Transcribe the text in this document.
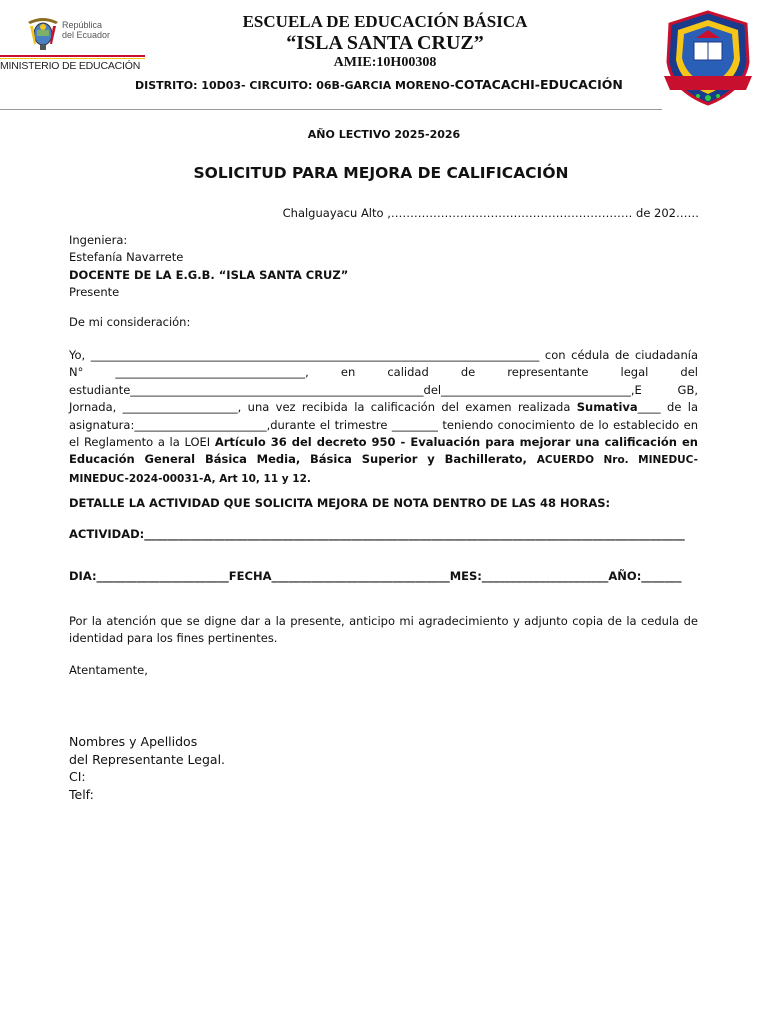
República
del Ecuador
MINISTERIO DE EDUCACIÓN
ESCUELA DE EDUCACIÓN BÁSICA
“ISLA SANTA CRUZ”
AMIE:10H00308
DISTRITO: 10D03- CIRCUITO: 06B-GARCIA MORENO-COTACACHI-EDUCACIÓN
AÑO LECTIVO 2025-2026
SOLICITUD PARA MEJORA DE CALIFICACIÓN
Chalguayacu Alto ,……………………………………………………… de 202……

Ingeniera:

Estefanía Navarrete

DOCENTE DE LA E.G.B. “ISLA SANTA CRUZ”

Presente

De mi consideración:
Yo, ______________________________________________________________________________ con cédula de ciudadanía N° _________________________________, en calidad de representante legal del estudiante___________________________________________________del_________________________________,E GB, Jornada, ____________________, una vez recibida la calificación del examen realizada Sumativa____ de la asignatura:_______________________,durante el trimestre ________ teniendo conocimiento de lo establecido en el Reglamento a la LOEI Artículo 36 del decreto 950 - Evaluación para mejorar una calificación en Educación General Básica Media, Básica Superior y Bachillerato, ACUERDO Nro. MINEDUC-MINEDUC-2024-00031-A, Art 10, 11 y 12.
DETALLE LA ACTIVIDAD QUE SOLICITA MEJORA DE NOTA DENTRO DE LAS 48 HORAS:
ACTIVIDAD:______________________________________________________________________________________________
DIA:_______________________FECHA_______________________________MES:______________________AÑO:_______
Por la atención que se digne dar a la presente, anticipo mi agradecimiento y adjunto copia de la cedula de identidad para los fines pertinentes.
Atentamente,

Nombres y Apellidos

del Representante Legal.

CI:

Telf:
